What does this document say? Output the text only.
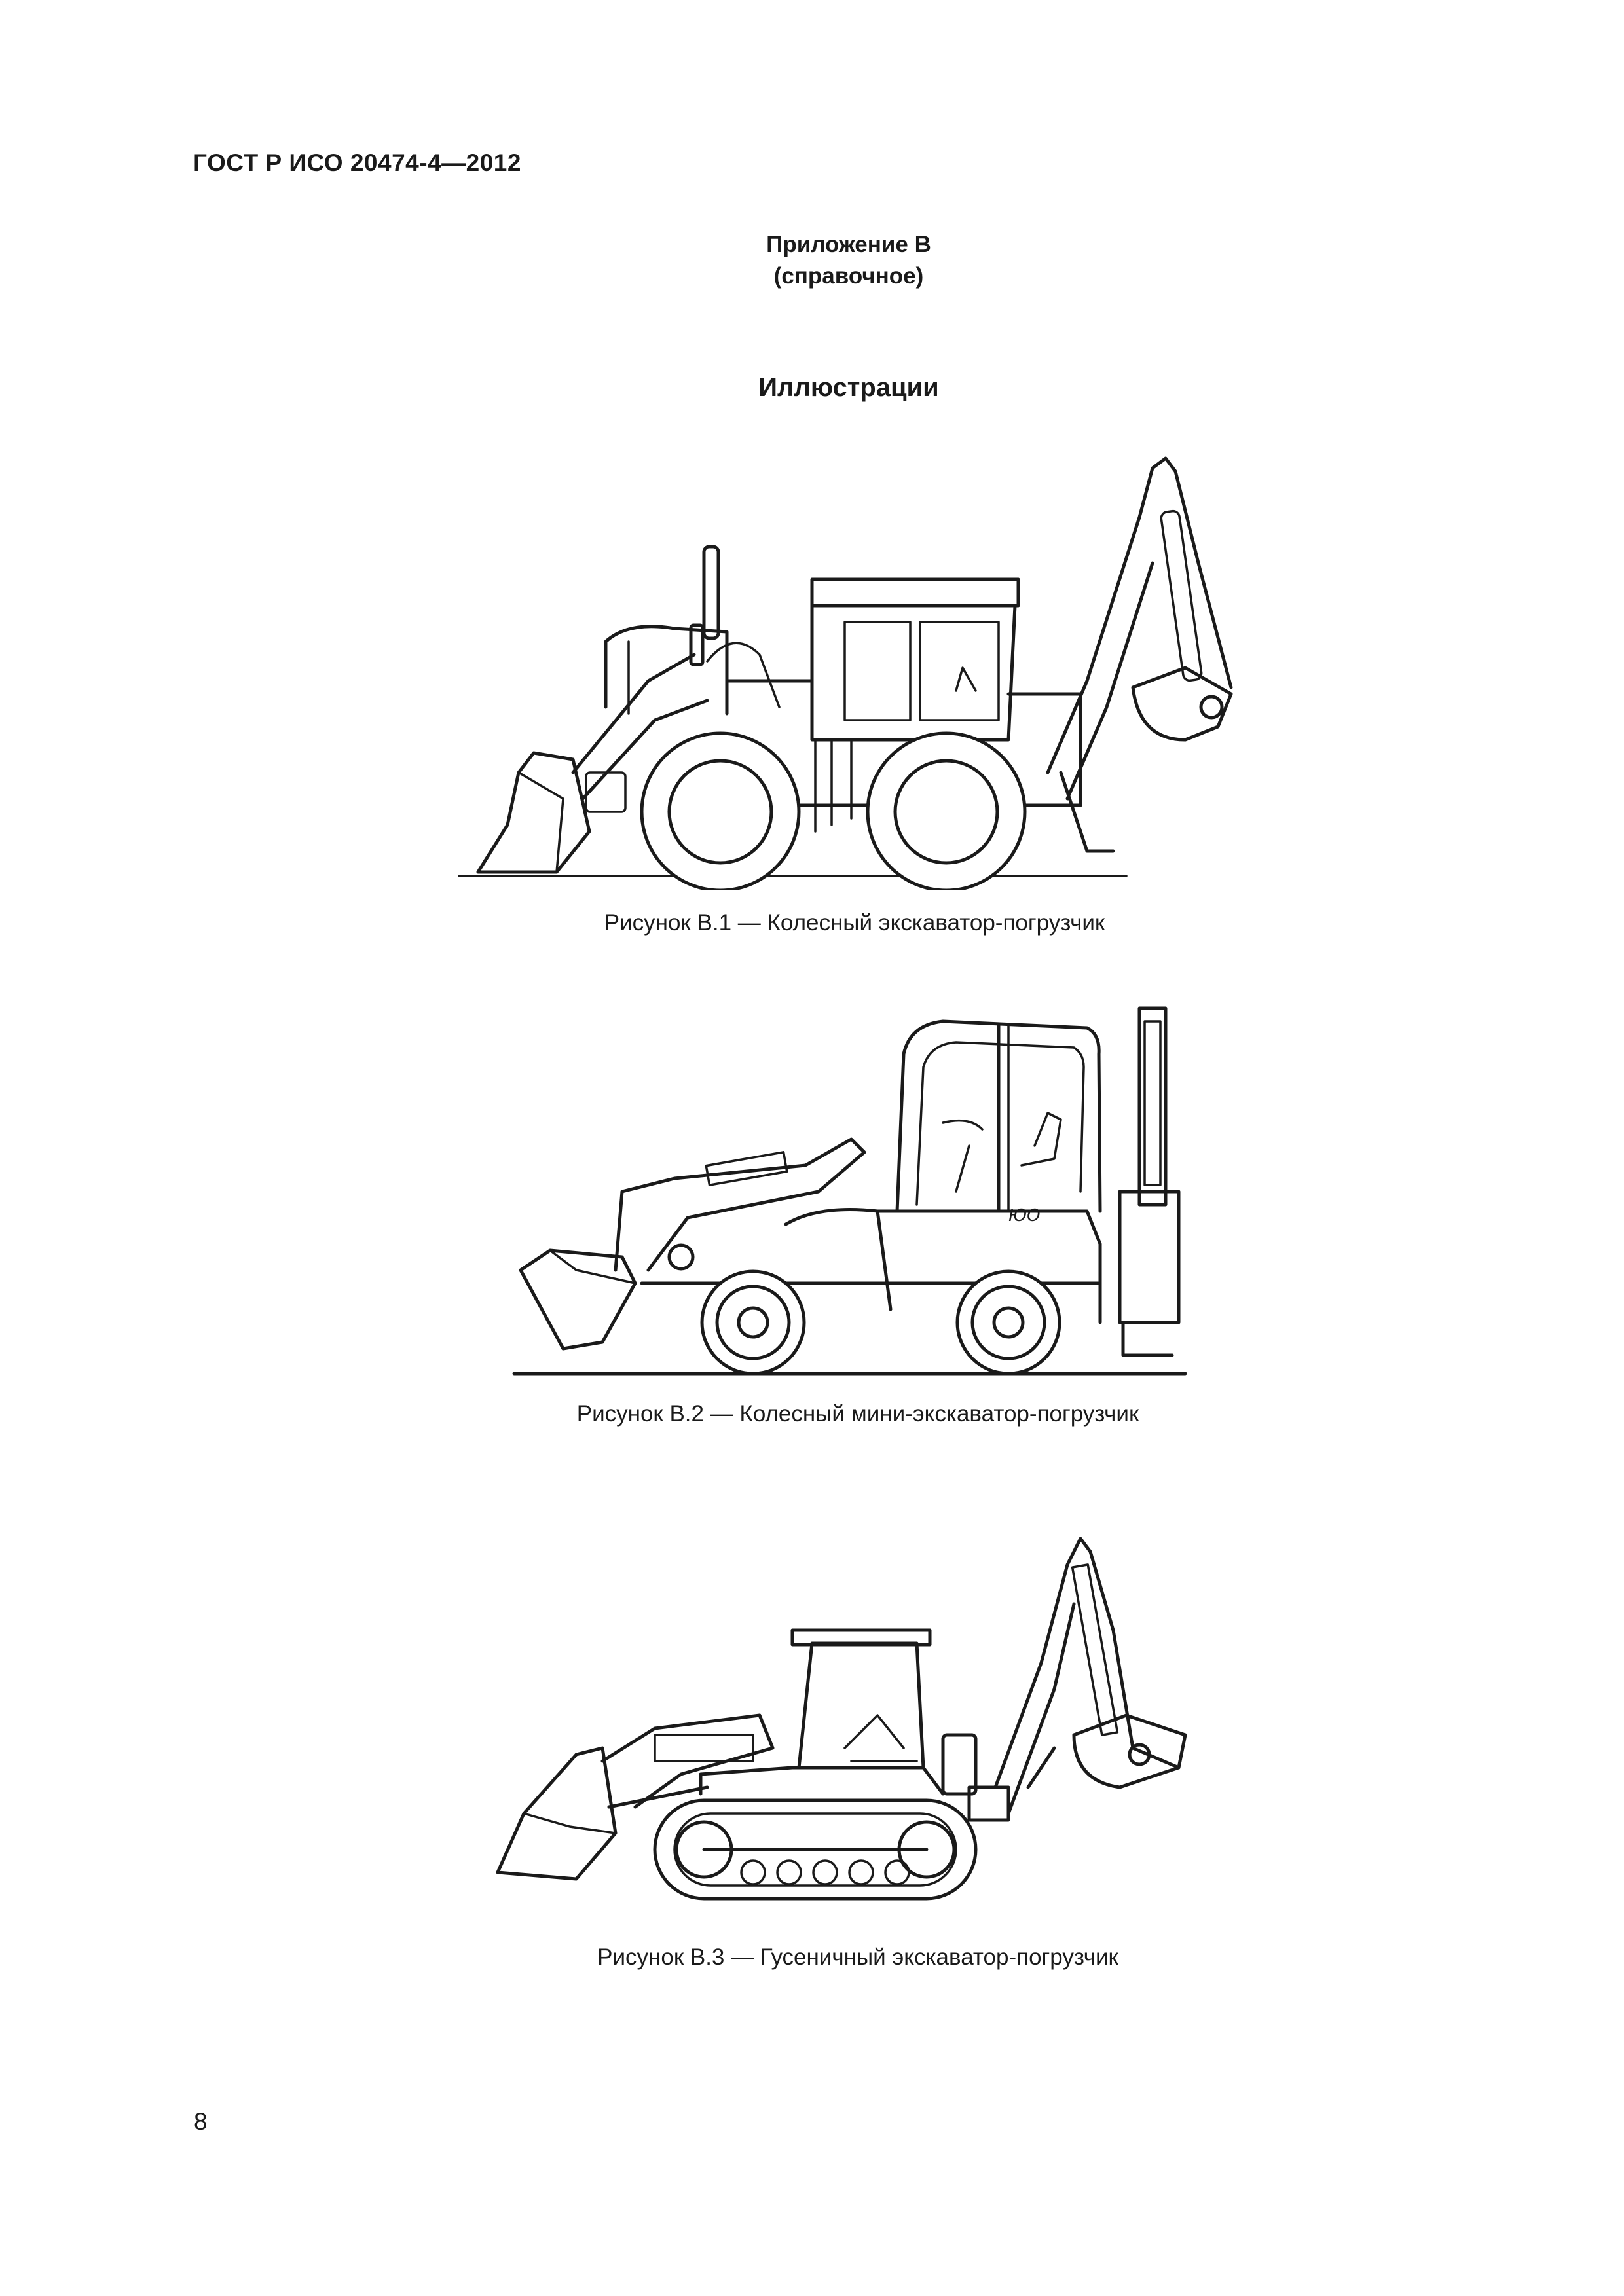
ГОСТ Р ИСО 20474-4—2012
Приложение В
(справочное)
Иллюстрации
Рисунок В.1 — Колесный экскаватор-погрузчик
ЮО
Рисунок В.2 — Колесный мини-экскаватор-погрузчик
Рисунок В.3 — Гусеничный экскаватор-погрузчик
8
